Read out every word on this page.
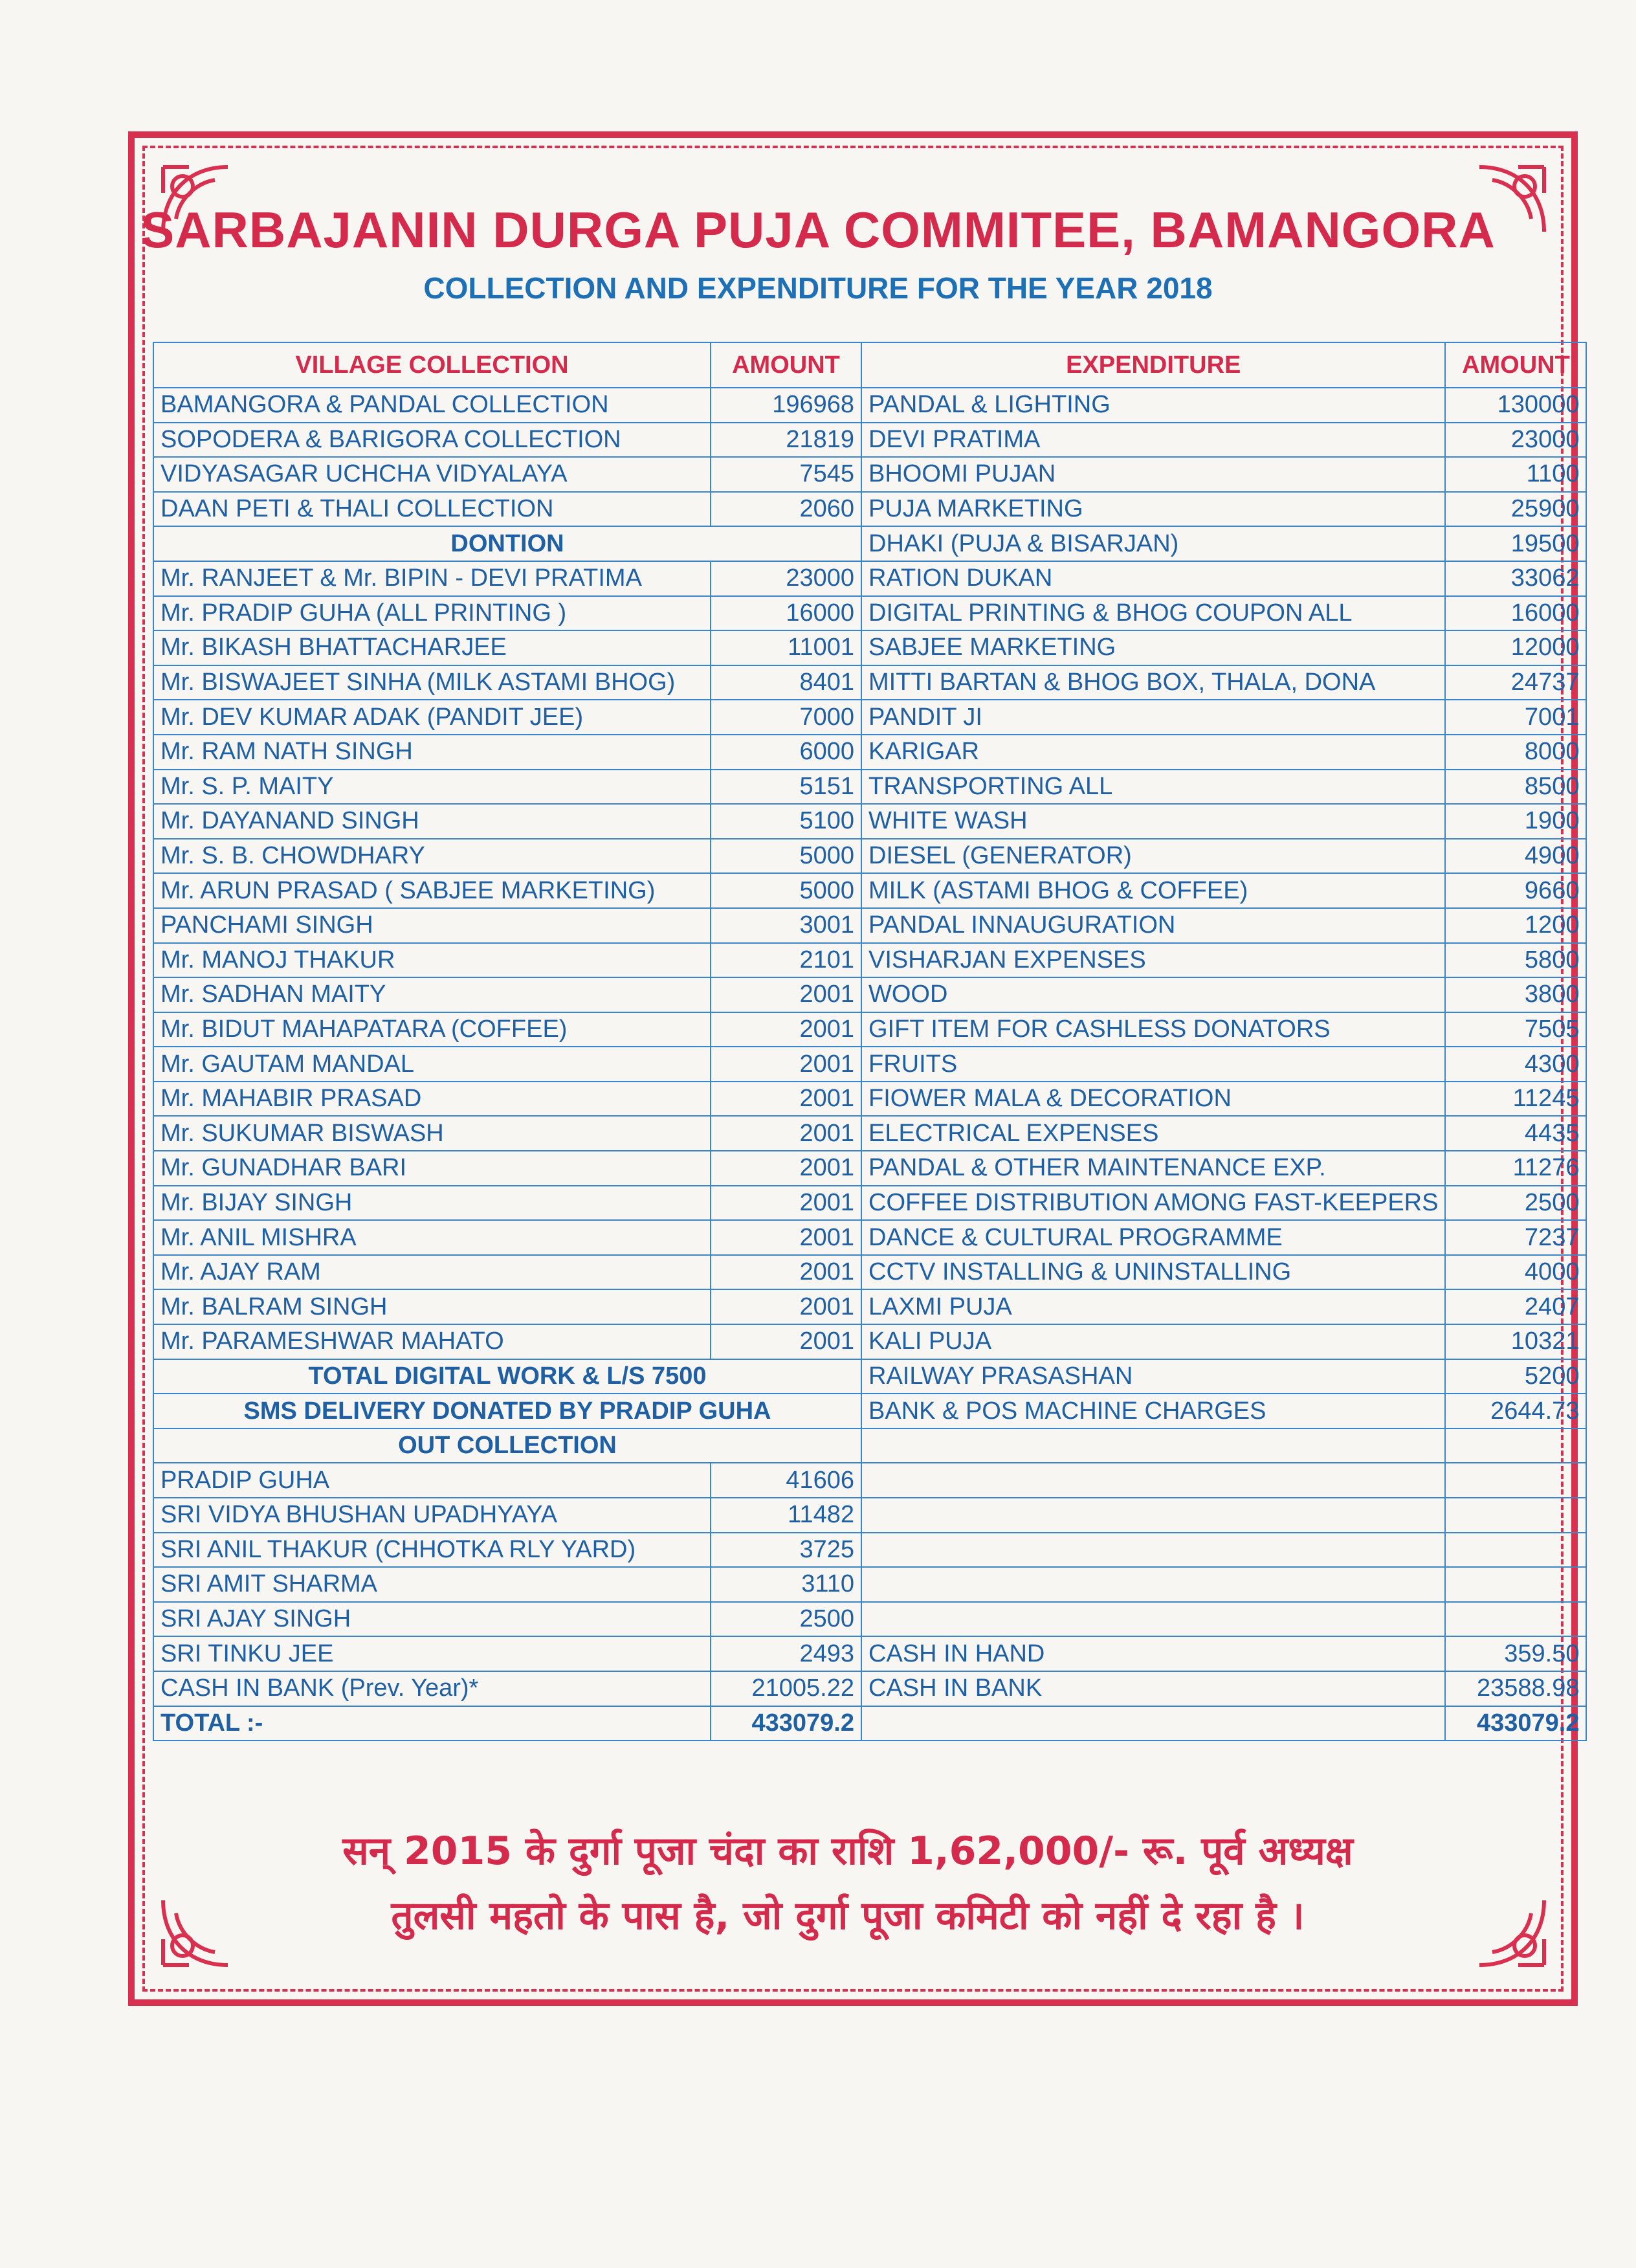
SARBAJANIN DURGA PUJA COMMITEE, BAMANGORA
COLLECTION AND EXPENDITURE FOR THE YEAR 2018
VILLAGE COLLECTION	AMOUNT	EXPENDITURE	AMOUNT
BAMANGORA & PANDAL COLLECTION	196968	PANDAL & LIGHTING	130000
SOPODERA & BARIGORA COLLECTION	21819	DEVI PRATIMA	23000
VIDYASAGAR UCHCHA VIDYALAYA	7545	BHOOMI PUJAN	1100
DAAN PETI & THALI COLLECTION	2060	PUJA MARKETING	25900
DONTION		DHAKI (PUJA & BISARJAN)	19500
Mr. RANJEET & Mr. BIPIN - DEVI PRATIMA	23000	RATION DUKAN	33062
Mr. PRADIP GUHA (ALL PRINTING )	16000	DIGITAL PRINTING & BHOG COUPON ALL	16000
Mr. BIKASH BHATTACHARJEE	11001	SABJEE MARKETING	12000
Mr. BISWAJEET SINHA (MILK ASTAMI BHOG)	8401	MITTI BARTAN & BHOG BOX, THALA, DONA	24737
Mr. DEV KUMAR ADAK (PANDIT JEE)	7000	PANDIT JI	7001
Mr. RAM NATH SINGH	6000	KARIGAR	8000
Mr. S. P. MAITY	5151	TRANSPORTING ALL	8500
Mr. DAYANAND SINGH	5100	WHITE WASH	1900
Mr. S. B. CHOWDHARY	5000	DIESEL (GENERATOR)	4900
Mr. ARUN PRASAD ( SABJEE MARKETING)	5000	MILK (ASTAMI BHOG & COFFEE)	9660
PANCHAMI SINGH	3001	PANDAL INNAUGURATION	1200
Mr. MANOJ THAKUR	2101	VISHARJAN EXPENSES	5800
Mr. SADHAN MAITY	2001	WOOD	3800
Mr. BIDUT MAHAPATARA (COFFEE)	2001	GIFT ITEM FOR CASHLESS DONATORS	7505
Mr. GAUTAM MANDAL	2001	FRUITS	4300
Mr. MAHABIR PRASAD	2001	FIOWER MALA & DECORATION	11245
Mr. SUKUMAR BISWASH	2001	ELECTRICAL EXPENSES	4435
Mr. GUNADHAR BARI	2001	PANDAL & OTHER MAINTENANCE EXP.	11276
Mr. BIJAY SINGH	2001	COFFEE DISTRIBUTION AMONG FAST-KEEPERS	2500
Mr. ANIL MISHRA	2001	DANCE & CULTURAL PROGRAMME	7237
Mr. AJAY RAM	2001	CCTV INSTALLING & UNINSTALLING	4000
Mr. BALRAM SINGH	2001	LAXMI PUJA	2407
Mr. PARAMESHWAR MAHATO	2001	KALI PUJA	10321
TOTAL DIGITAL WORK & L/S 7500		RAILWAY PRASASHAN	5200
SMS DELIVERY DONATED BY PRADIP GUHA		BANK & POS MACHINE CHARGES	2644.73
OUT COLLECTION			
PRADIP GUHA	41606		
SRI VIDYA BHUSHAN UPADHYAYA	11482		
SRI ANIL THAKUR (CHHOTKA RLY YARD)	3725		
SRI AMIT SHARMA	3110		
SRI AJAY SINGH	2500		
SRI TINKU JEE	2493	CASH IN HAND	359.50
CASH IN BANK (Prev. Year)*	21005.22	CASH IN BANK	23588.98
TOTAL :-	433079.2		433079.2
सन् 2015 के दुर्गा पूजा चंदा का राशि 1,62,000/- रू. पूर्व अध्यक्ष
तुलसी महतो के पास है, जो दुर्गा पूजा कमिटी को नहीं दे रहा है ।
